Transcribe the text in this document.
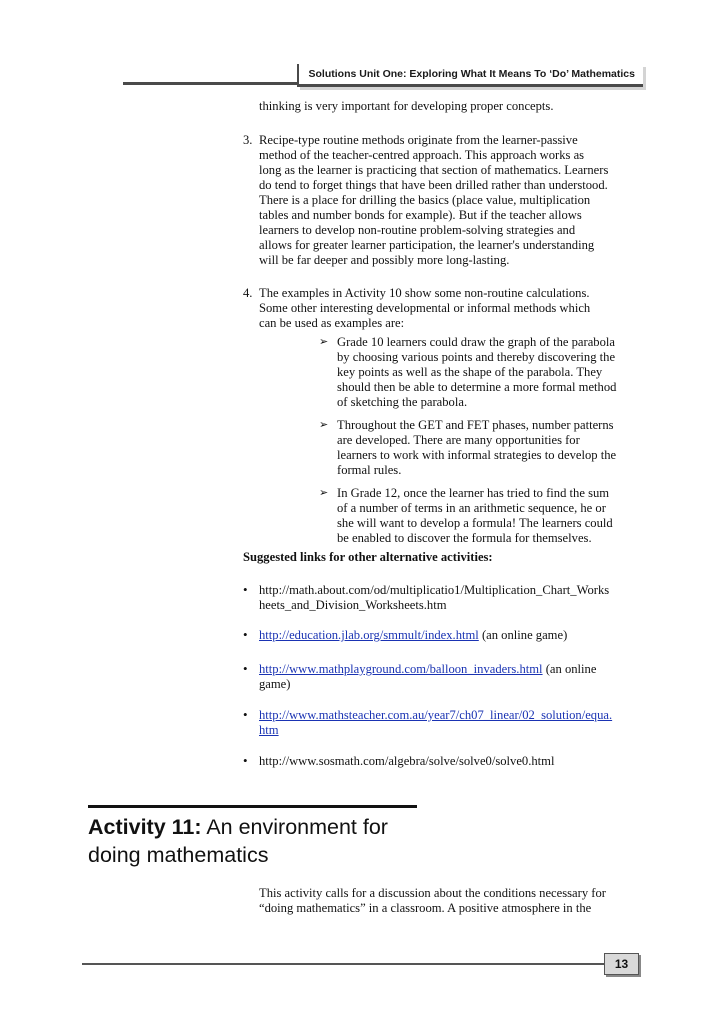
Solutions Unit One: Exploring What It Means To ‘Do’ Mathematics
thinking is very important for developing proper concepts.
3. Recipe-type routine methods originate from the learner-passive
method of the teacher-centred approach. This approach works as
long as the learner is practicing that section of mathematics. Learners
do tend to forget things that have been drilled rather than understood.
There is a place for drilling the basics (place value, multiplication
tables and number bonds for example). But if the teacher allows
learners to develop non-routine problem-solving strategies and
allows for greater learner participation, the learner's understanding
will be far deeper and possibly more long-lasting.
4. The examples in Activity 10 show some non-routine calculations.
Some other interesting developmental or informal methods which
can be used as examples are:
➢ Grade 10 learners could draw the graph of the parabola
by choosing various points and thereby discovering the
key points as well as the shape of the parabola. They
should then be able to determine a more formal method
of sketching the parabola.
➢ Throughout the GET and FET phases, number patterns
are developed. There are many opportunities for
learners to work with informal strategies to develop the
formal rules.
➢ In Grade 12, once the learner has tried to find the sum
of a number of terms in an arithmetic sequence, he or
she will want to develop a formula! The learners could
be enabled to discover the formula for themselves.
Suggested links for other alternative activities:
• http://math.about.com/od/multiplicatio1/Multiplication_Chart_Works
heets_and_Division_Worksheets.htm
• http://education.jlab.org/smmult/index.html (an online game)
• http://www.mathplayground.com/balloon_invaders.html (an online
game)
• http://www.mathsteacher.com.au/year7/ch07_linear/02_solution/equa.
htm
• http://www.sosmath.com/algebra/solve/solve0/solve0.html
Activity 11: An environment for
doing mathematics
This activity calls for a discussion about the conditions necessary for
“doing mathematics” in a classroom. A positive atmosphere in the
13
